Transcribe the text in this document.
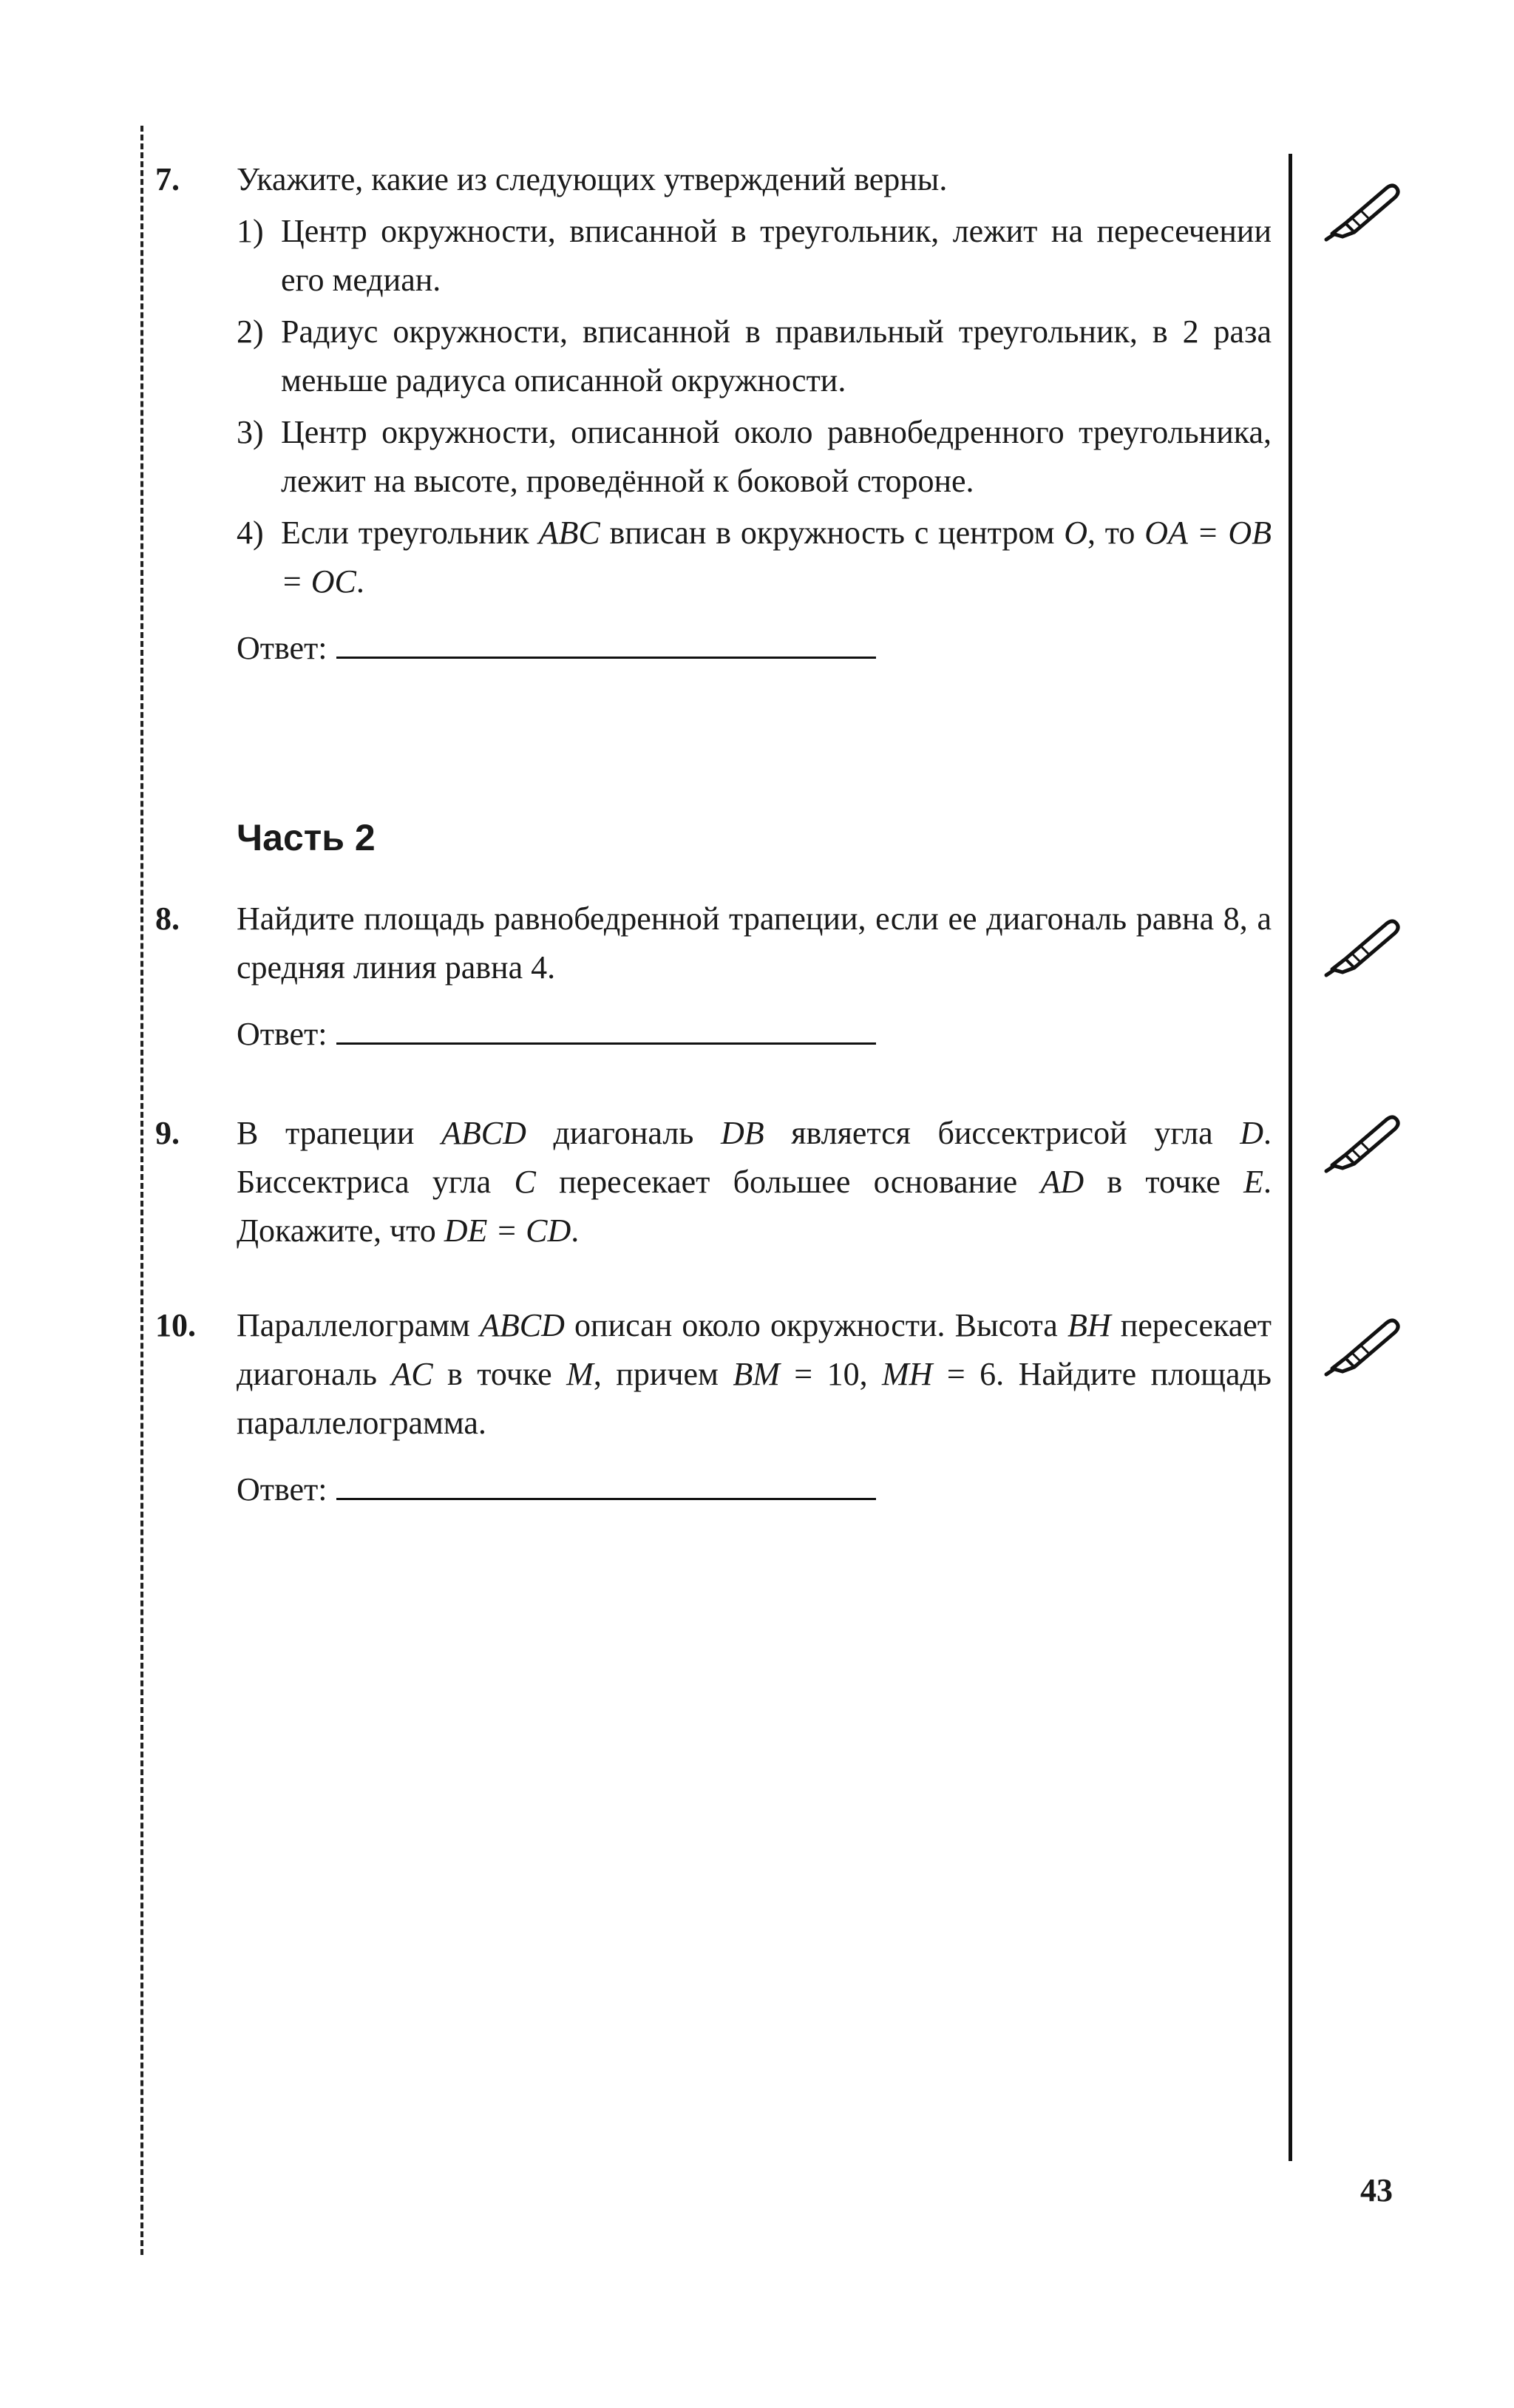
7. Укажите, какие из следующих утверждений верны.

1) Центр окружности, вписанной в треугольник, лежит на пересечении его медиан.
2) Радиус окружности, вписанной в правильный треугольник, в 2 раза меньше радиуса описанной окружности.
3) Центр окружности, описанной около равнобедренного треугольника, лежит на высоте, проведённой к боковой стороне.
4) Если треугольник ABC вписан в окружность с центром O, то OA = OB = OC.
Ответ:
Часть 2
8. Найдите площадь равнобедренной трапеции, если ее диагональ равна 8, а средняя линия равна 4.

Ответ:
9. В трапеции ABCD диагональ DB является биссектрисой угла D. Биссектриса угла C пересекает большее основание AD в точке E. Докажите, что DE = CD.

10. Параллелограмм ABCD описан около окружности. Высота BH пересекает диагональ AC в точке M, причем BM = 10, MH = 6. Найдите площадь параллелограмма.

Ответ:
43
